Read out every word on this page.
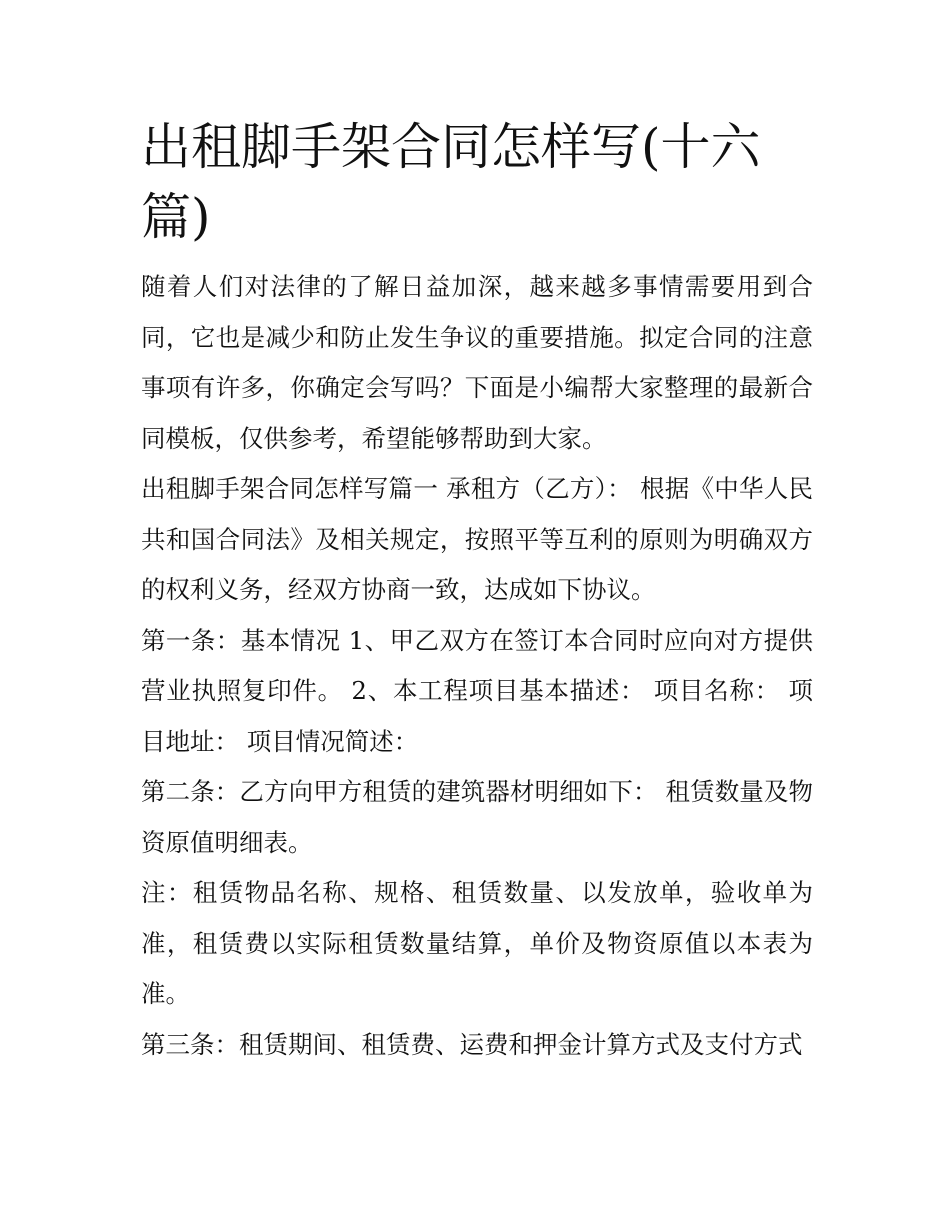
出租脚手架合同怎样写(十六篇)

随着人们对法律的了解日益加深，越来越多事情需要用到合同，它也是减少和防止发生争议的重要措施。拟定合同的注意事项有许多，你确定会写吗？下面是小编帮大家整理的最新合同模板，仅供参考，希望能够帮助到大家。

出租脚手架合同怎样写篇一 承租方（乙方）： 根据《中华人民共和国合同法》及相关规定，按照平等互利的原则为明确双方的权利义务，经双方协商一致，达成如下协议。

第一条：基本情况 1、甲乙双方在签订本合同时应向对方提供营业执照复印件。 2、本工程项目基本描述： 项目名称： 项目地址： 项目情况简述：

第二条：乙方向甲方租赁的建筑器材明细如下： 租赁数量及物资原值明细表。

注：租赁物品名称、规格、租赁数量、以发放单，验收单为准，租赁费以实际租赁数量结算，单价及物资原值以本表为准。

第三条：租赁期间、租赁费、运费和押金计算方式及支付方式
